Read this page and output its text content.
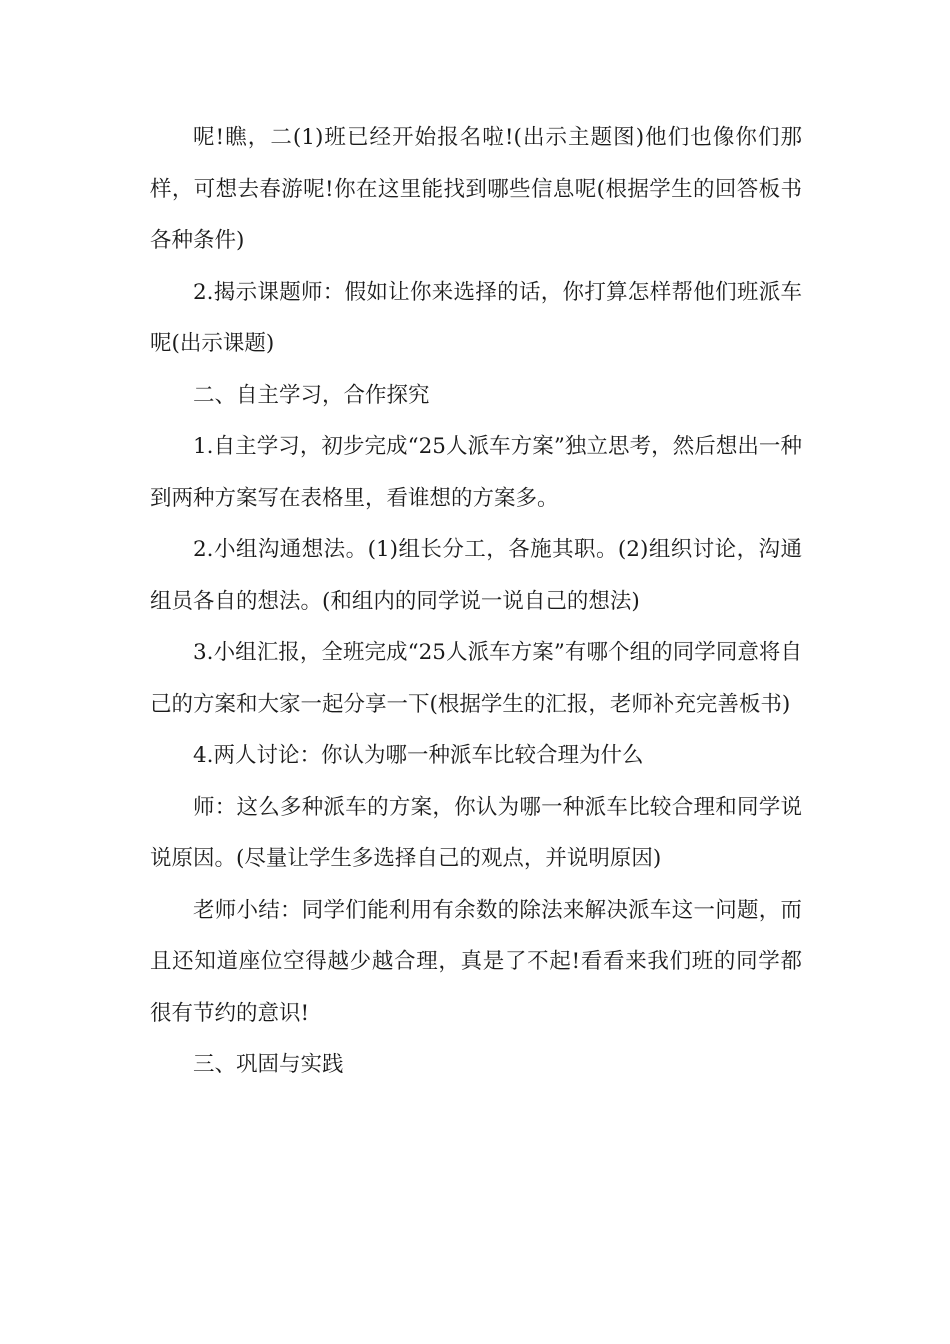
呢!瞧，二(1)班已经开始报名啦!(出示主题图)他们也像你们那样，可想去春游呢!你在这里能找到哪些信息呢(根据学生的回答板书各种条件)

2.揭示课题师：假如让你来选择的话，你打算怎样帮他们班派车呢(出示课题)

二、自主学习，合作探究

1.自主学习，初步完成“25人派车方案”独立思考，然后想出一种到两种方案写在表格里，看谁想的方案多。

2.小组沟通想法。(1)组长分工，各施其职。(2)组织讨论，沟通组员各自的想法。(和组内的同学说一说自己的想法)

3.小组汇报，全班完成“25人派车方案”有哪个组的同学同意将自己的方案和大家一起分享一下(根据学生的汇报，老师补充完善板书)

4.两人讨论：你认为哪一种派车比较合理为什么

师：这么多种派车的方案，你认为哪一种派车比较合理和同学说说原因。(尽量让学生多选择自己的观点，并说明原因)

老师小结：同学们能利用有余数的除法来解决派车这一问题，而且还知道座位空得越少越合理，真是了不起!看看来我们班的同学都很有节约的意识!

三、巩固与实践
